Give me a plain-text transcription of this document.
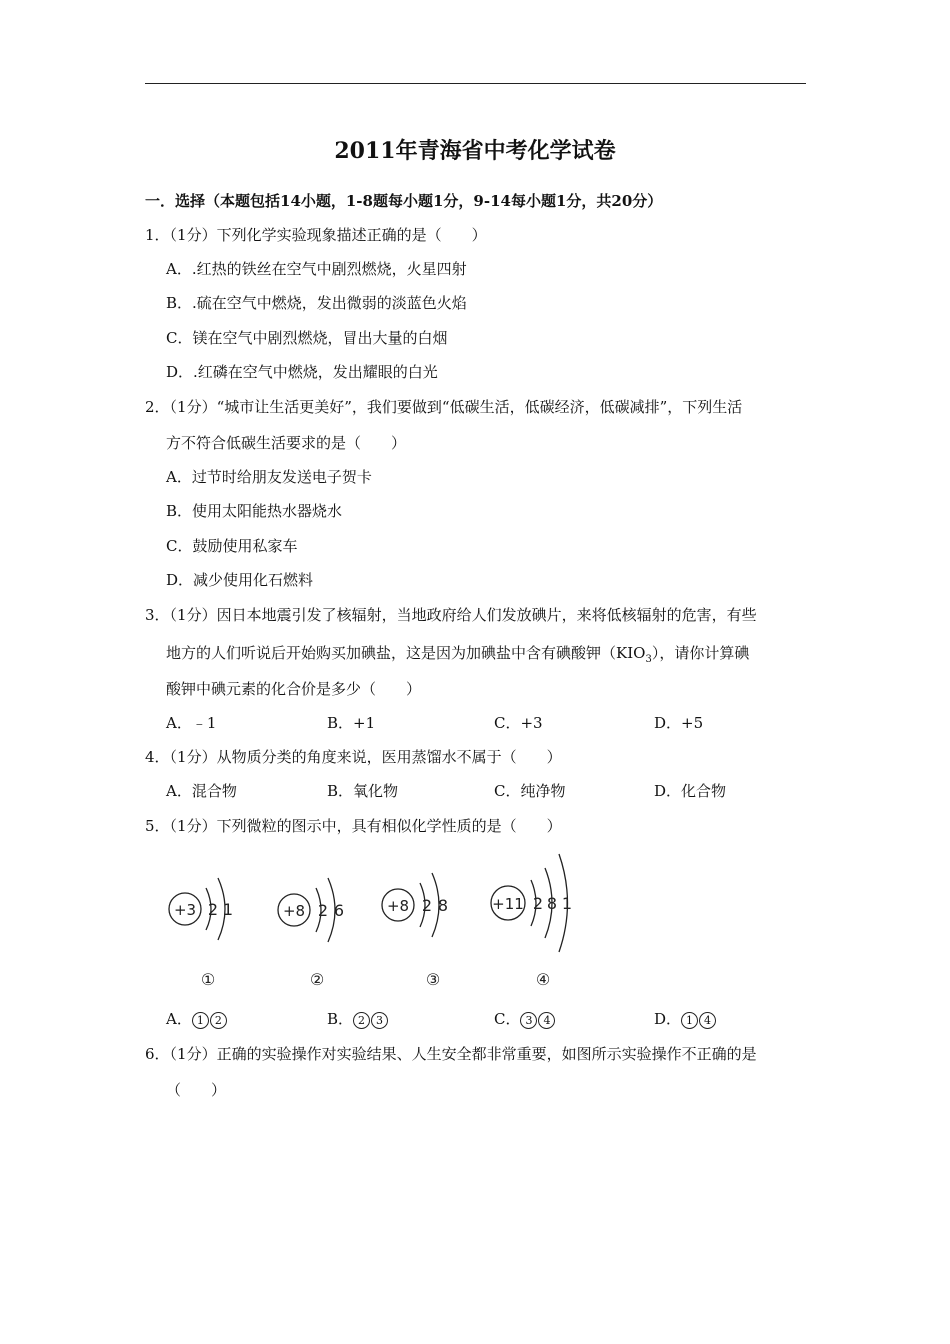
2011年青海省中考化学试卷
一．选择（本题包括14小题，1-8题每小题1分，9-14每小题1分，共20分）
1．（1分）下列化学实验现象描述正确的是（　　）
A．.红热的铁丝在空气中剧烈燃烧，火星四射
B．.硫在空气中燃烧，发出微弱的淡蓝色火焰
C．镁在空气中剧烈燃烧，冒出大量的白烟
D．.红磷在空气中燃烧，发出耀眼的白光
2．（1分）“城市让生活更美好”，我们要做到“低碳生活，低碳经济，低碳减排”，下列生活
方不符合低碳生活要求的是（　　）
A．过节时给朋友发送电子贺卡
B．使用太阳能热水器烧水
C．鼓励使用私家车
D．减少使用化石燃料
3．（1分）因日本地震引发了核辐射，当地政府给人们发放碘片，来将低核辐射的危害，有些
地方的人们听说后开始购买加碘盐，这是因为加碘盐中含有碘酸钾$(KIO_3)$，请你计算碘
酸钾中碘元素的化合价是多少（　　）
A．﹣1	B．+1	C．+3	D．+5
4．（1分）从物质分类的角度来说，医用蒸馏水不属于（　　）
A．混合物	B．氧化物	C．纯净物	D．化合物
5．（1分）下列微粒的图示中，具有相似化学性质的是（　　）
+3 2 1
①
+8 2 6
②
+8 2 8
③
+11 2 8 1
④
A． 1 2	B． 2 3	C． 3 4	D． 1 4
6．（1分）正确的实验操作对实验结果、人生安全都非常重要，如图所示实验操作不正确的是
（　　）
